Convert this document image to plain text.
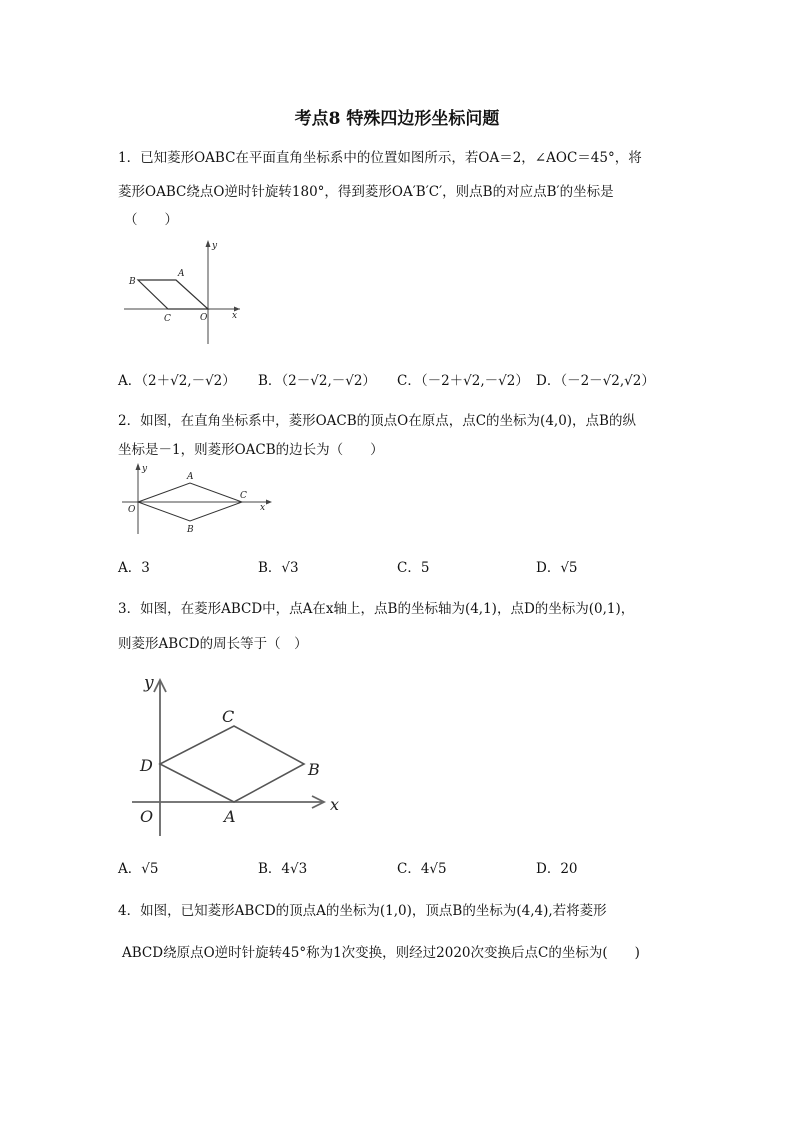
考点8 特殊四边形坐标问题
1．已知菱形OABC在平面直角坐标系中的位置如图所示，若OA＝2，∠AOC＝45°，将
菱形OABC绕点O逆时针旋转180°，得到菱形OA′B′C′，则点B的对应点B′的坐标是
（　　）
y
x
A
B
C	O
A．（2＋√2,－√2） B．（2－√2,－√2） C．（－2＋√2,－√2） D．（－2－√2,√2）
2．如图，在直角坐标系中，菱形OACB的顶点O在原点，点C的坐标为(4,0)，点B的纵
坐标是－1，则菱形OACB的边长为（　　）
y
x
A
B
C
O
A．3	B．√3	C．5	D．√5
3．如图，在菱形ABCD中，点A在x轴上，点B的坐标轴为(4,1)，点D的坐标为(0,1)，
则菱形ABCD的周长等于（　）
y
x
C
B
D
A
O
A．√5	B．4√3	C．4√5	D．20
4．如图，已知菱形ABCD的顶点A的坐标为(1,0)，顶点B的坐标为(4,4),若将菱形
ABCD绕原点O逆时针旋转45°称为1次变换，则经过2020次变换后点C的坐标为(　　)
